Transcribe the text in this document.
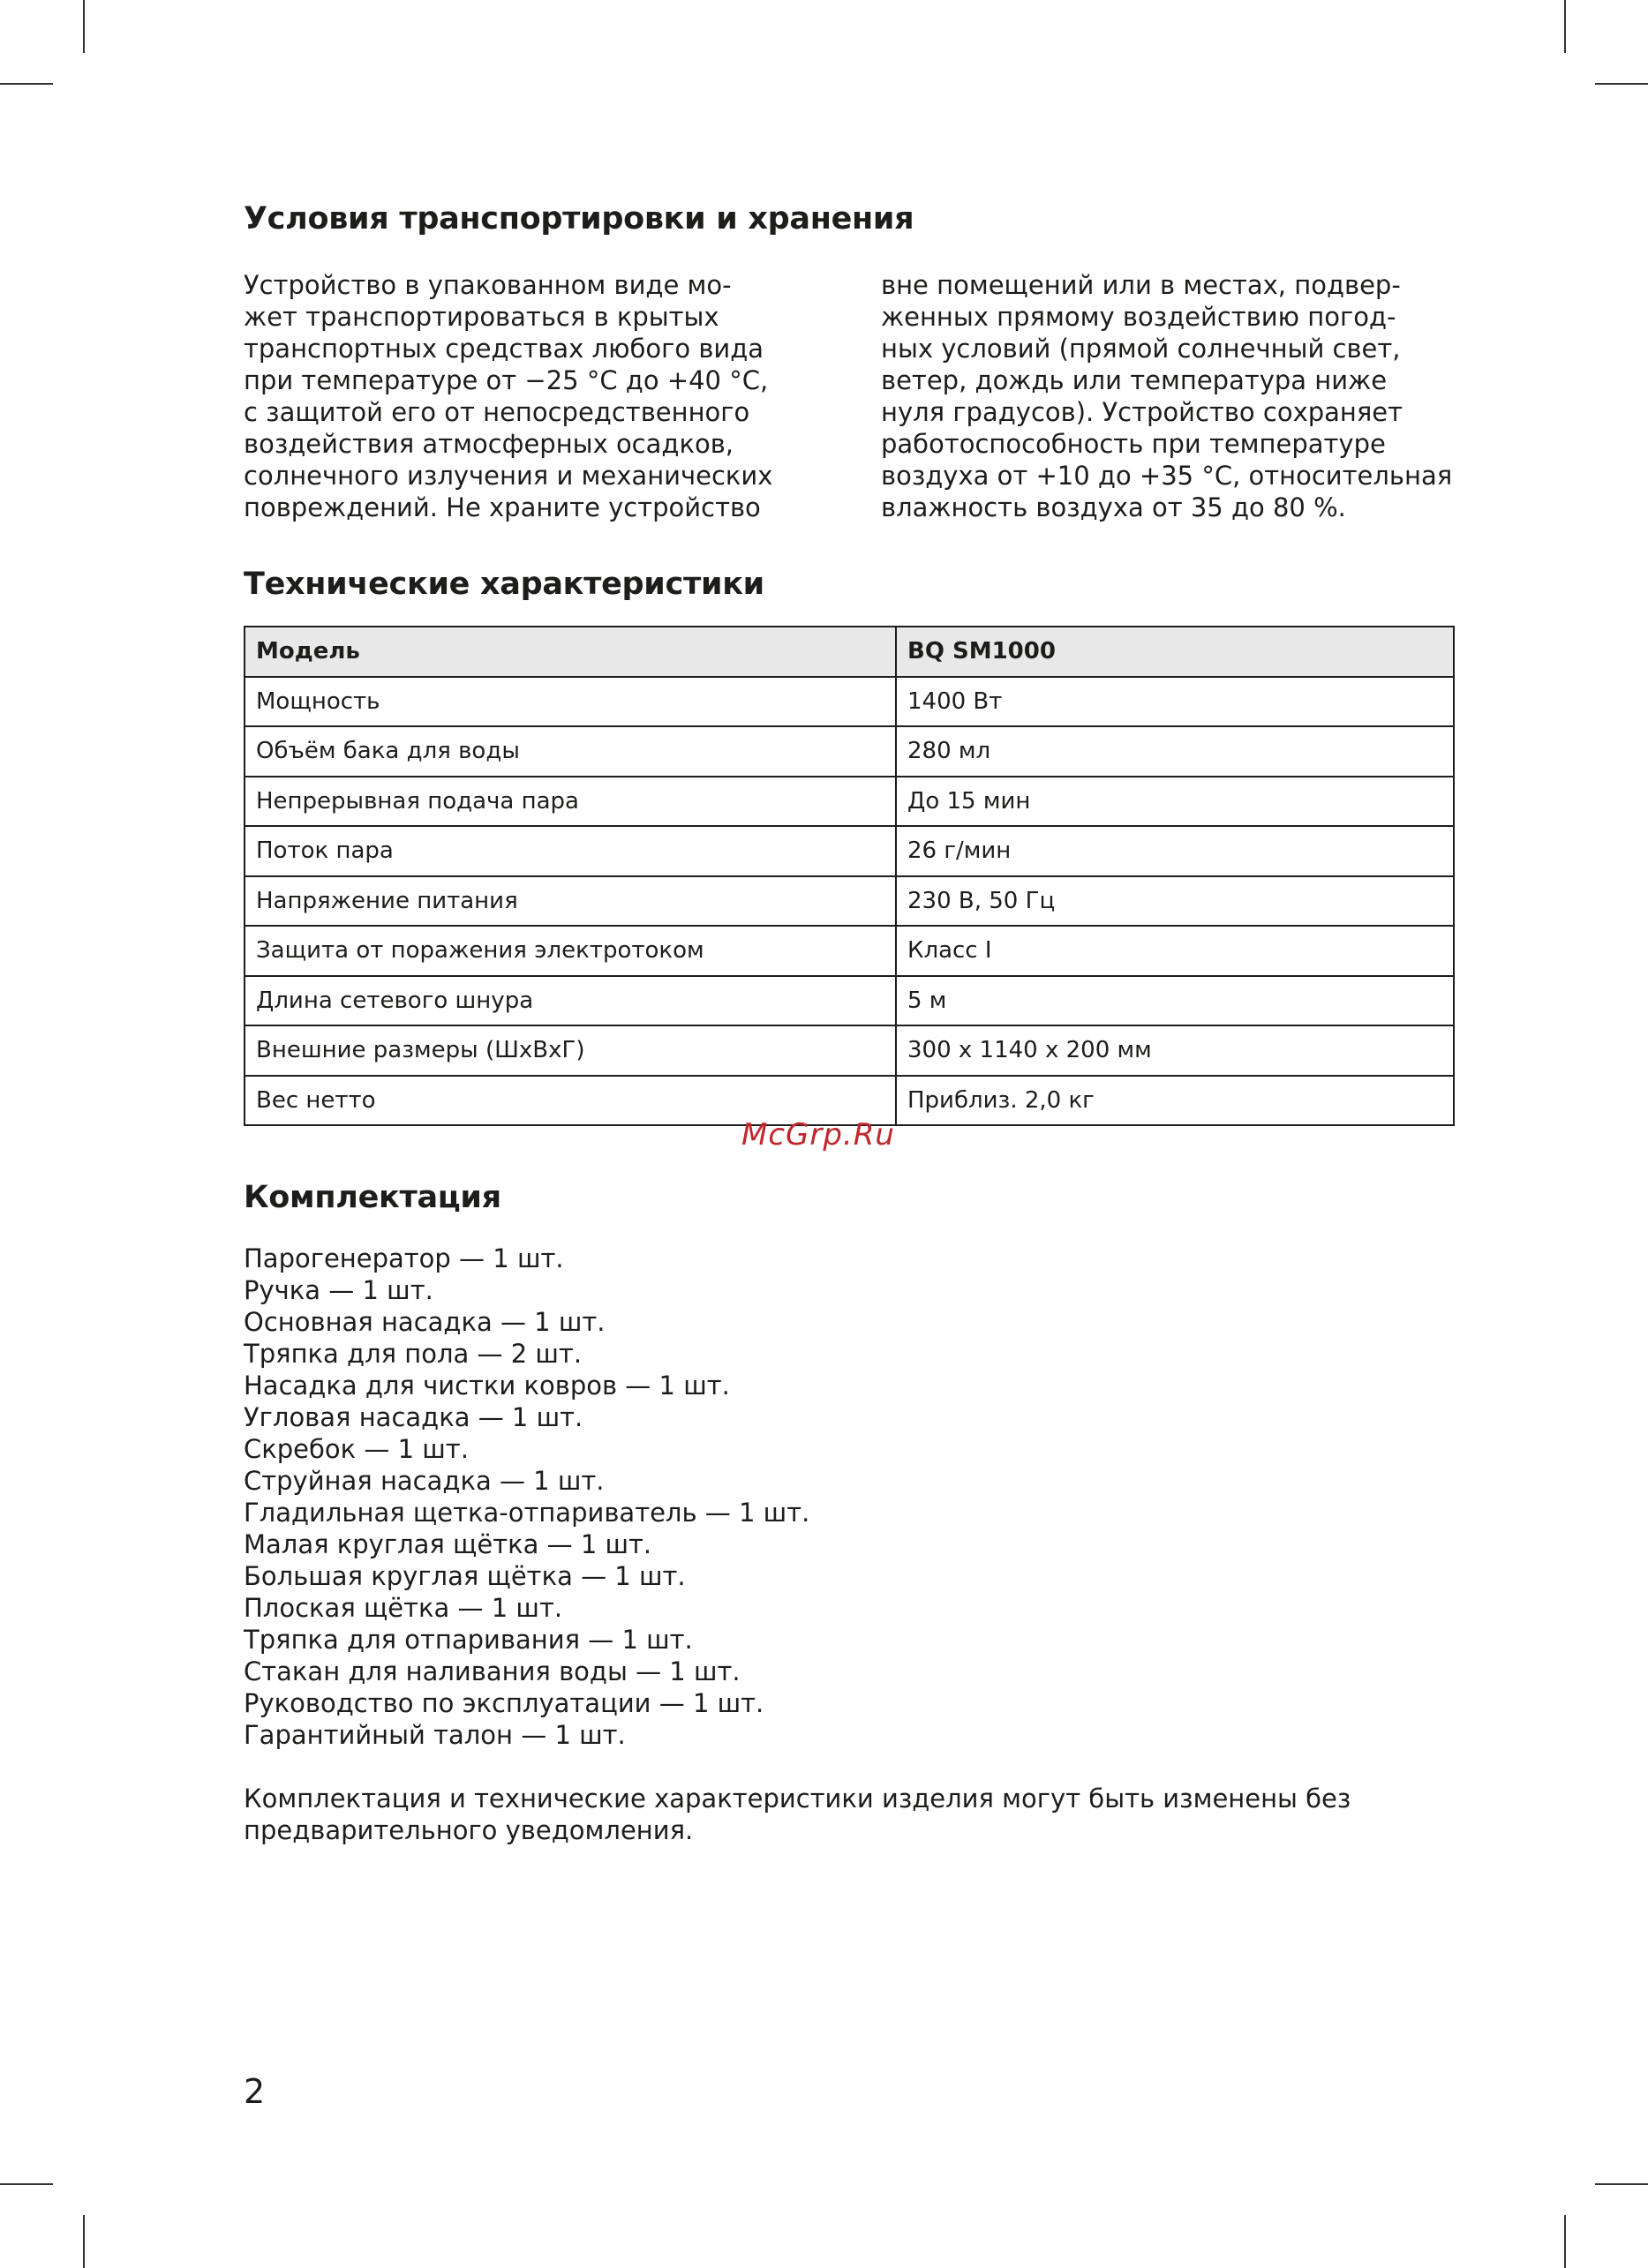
Условия транспортировки и хранения

Устройство в упакованном виде мо-

жет транспортироваться в крытых

транспортных средствах любого вида

при температуре от −25 °C до +40 °C,

с защитой его от непосредственного

воздействия атмосферных осадков,

солнечного излучения и механических

повреждений. Не храните устройство

вне помещений или в местах, подвер-

женных прямому воздействию погод-

ных условий (прямой солнечный свет,

ветер, дождь или температура ниже

нуля градусов). Устройство сохраняет

работоспособность при температуре

воздуха от +10 до +35 °C, относительная

влажность воздуха от 35 до 80 %.

Технические характеристики
Модель	BQ SM1000
Мощность	1400 Вт
Объём бака для воды	280 мл
Непрерывная подача пара	До 15 мин
Поток пара	26 г/мин
Напряжение питания	230 В, 50 Гц
Защита от поражения электротоком	Класс I
Длина сетевого шнура	5 м
Внешние размеры (ШхВхГ)	300 х 1140 х 200 мм
Вес нетто	Приблиз. 2,0 кг
Комплектация
Парогенератор — 1 шт.
Ручка — 1 шт.
Основная насадка — 1 шт.
Тряпка для пола — 2 шт.
Насадка для чистки ковров — 1 шт.
Угловая насадка — 1 шт.
Скребок — 1 шт.
Струйная насадка — 1 шт.
Гладильная щетка-отпариватель — 1 шт.
Малая круглая щётка — 1 шт.
Большая круглая щётка — 1 шт.
Плоская щётка — 1 шт.
Тряпка для отпаривания — 1 шт.
Стакан для наливания воды — 1 шт.
Руководство по эксплуатации — 1 шт.
Гарантийный талон — 1 шт.
Комплектация и технические характеристики изделия могут быть изменены без
предварительного уведомления.
McGrp.Ru
2
